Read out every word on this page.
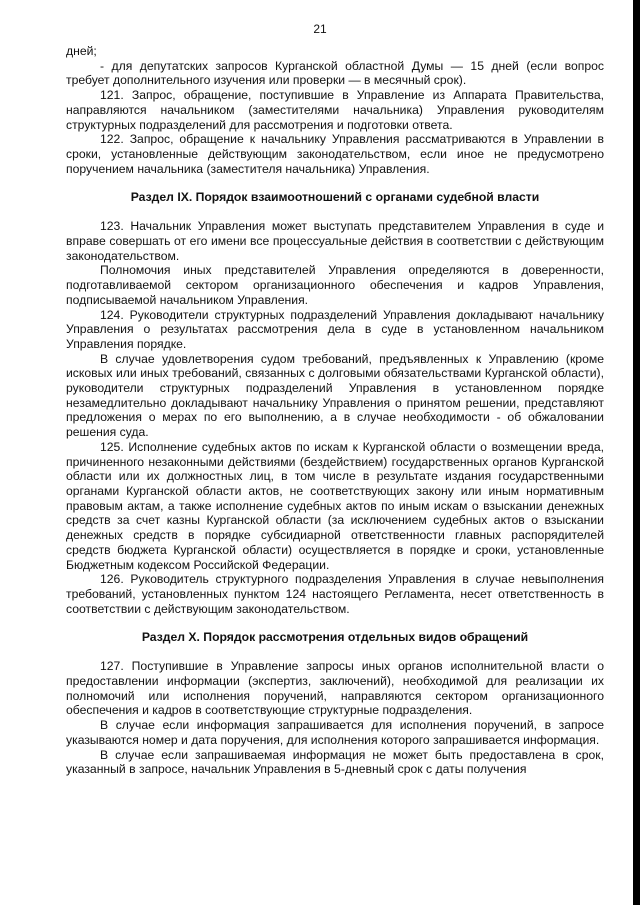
21

дней;

- для депутатских запросов Курганской областной Думы — 15 дней (если вопрос требует дополнительного изучения или проверки — в месячный срок).

121. Запрос, обращение, поступившие в Управление из Аппарата Правительства, направляются начальником (заместителями начальника) Управления руководителям структурных подразделений для рассмотрения и подготовки ответа.

122. Запрос, обращение к начальнику Управления рассматриваются в Управлении в сроки, установленные действующим законодательством, если иное не предусмотрено поручением начальника (заместителя начальника) Управления.

Раздел IX. Порядок взаимоотношений с органами судебной власти

123. Начальник Управления может выступать представителем Управления в суде и вправе совершать от его имени все процессуальные действия в соответствии с действующим законодательством.

Полномочия иных представителей Управления определяются в доверенности, подготавливаемой сектором организационного обеспечения и кадров Управления, подписываемой начальником Управления.

124. Руководители структурных подразделений Управления докладывают начальнику Управления о результатах рассмотрения дела в суде в установленном начальником Управления порядке.

В случае удовлетворения судом требований, предъявленных к Управлению (кроме исковых или иных требований, связанных с долговыми обязательствами Курганской области), руководители структурных подразделений Управления в установленном порядке незамедлительно докладывают начальнику Управления о принятом решении, представляют предложения о мерах по его выполнению, а в случае необходимости - об обжаловании решения суда.

125. Исполнение судебных актов по искам к Курганской области о возмещении вреда, причиненного незаконными действиями (бездействием) государственных органов Курганской области или их должностных лиц, в том числе в результате издания государственными органами Курганской области актов, не соответствующих закону или иным нормативным правовым актам, а также исполнение судебных актов по иным искам о взыскании денежных средств за счет казны Курганской области (за исключением судебных актов о взыскании денежных средств в порядке субсидиарной ответственности главных распорядителей средств бюджета Курганской области) осуществляется в порядке и сроки, установленные Бюджетным кодексом Российской Федерации.

126. Руководитель структурного подразделения Управления в случае невыполнения требований, установленных пунктом 124 настоящего Регламента, несет ответственность в соответствии с действующим законодательством.

Раздел X. Порядок рассмотрения отдельных видов обращений

127. Поступившие в Управление запросы иных органов исполнительной власти о предоставлении информации (экспертиз, заключений), необходимой для реализации их полномочий или исполнения поручений, направляются сектором организационного обеспечения и кадров в соответствующие структурные подразделения.

В случае если информация запрашивается для исполнения поручений, в запросе указываются номер и дата поручения, для исполнения которого запрашивается информация.

В случае если запрашиваемая информация не может быть предоставлена в срок, указанный в запросе, начальник Управления в 5-дневный срок с даты получения
